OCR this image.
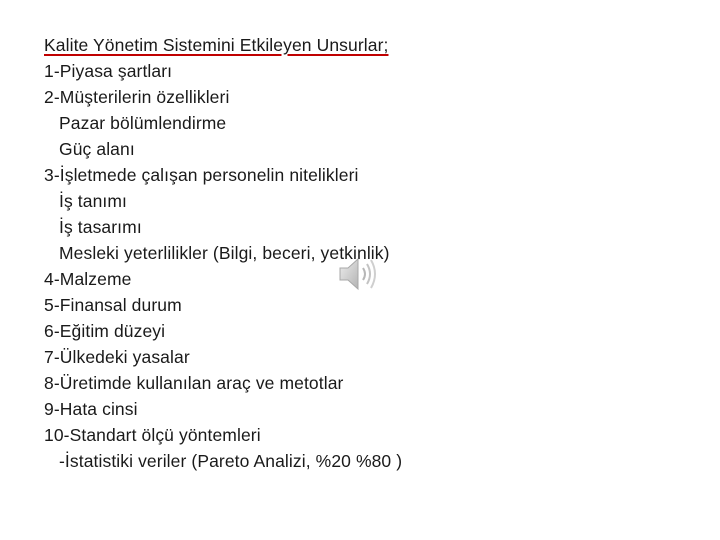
Kalite Yönetim Sistemini Etkileyen Unsurlar;
1-Piyasa şartları
2-Müşterilerin özellikleri
Pazar bölümlendirme
Güç alanı
3-İşletmede çalışan personelin nitelikleri
İş tanımı
İş tasarımı
Mesleki yeterlilikler (Bilgi, beceri, yetkinlik)
4-Malzeme
5-Finansal durum
6-Eğitim düzeyi
7-Ülkedeki yasalar
8-Üretimde kullanılan araç ve metotlar
9-Hata cinsi
10-Standart ölçü yöntemleri
-İstatistiki veriler (Pareto Analizi, %20 %80 )
